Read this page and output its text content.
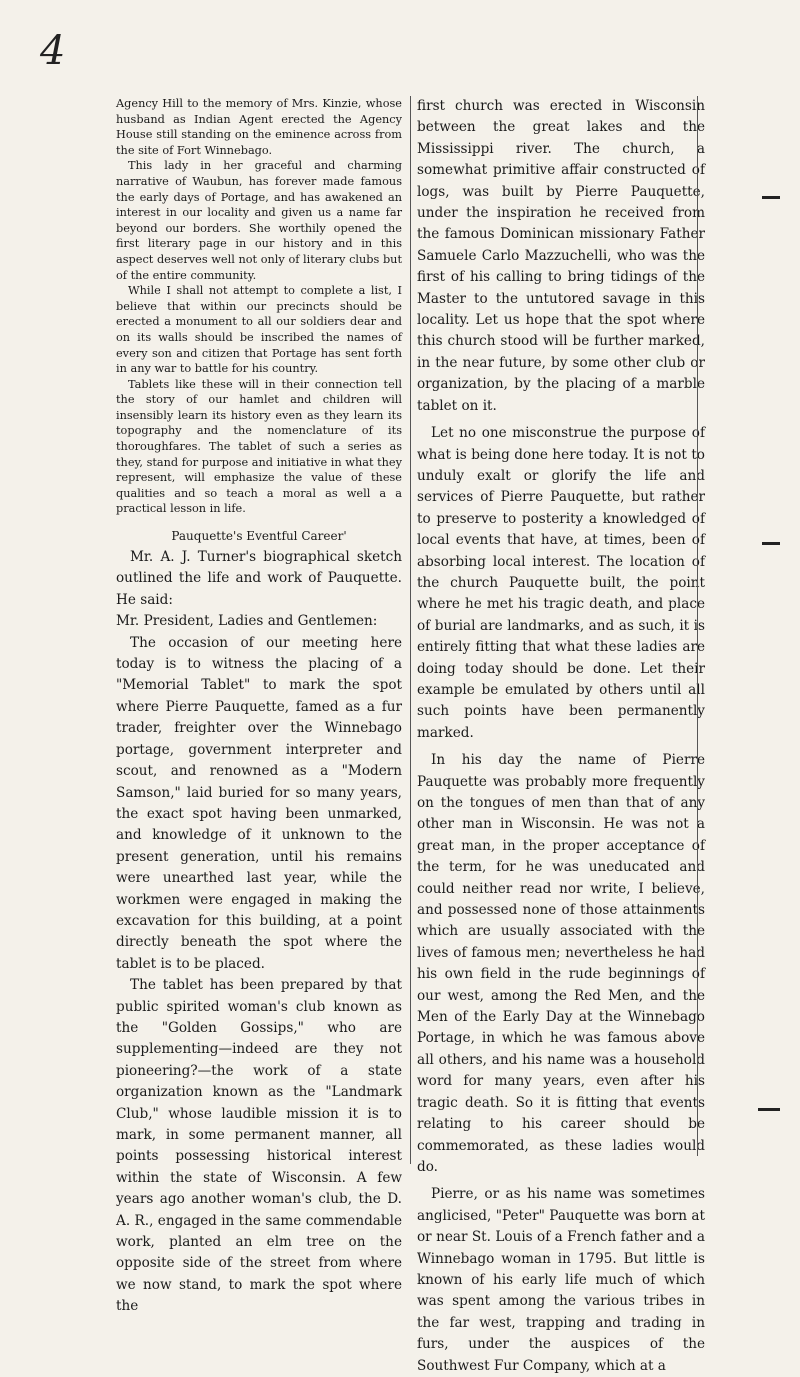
4

Agency Hill to the memory of Mrs. Kinzie, whose husband as Indian Agent erected the Agency House still standing on the eminence across from the site of Fort Winnebago.

This lady in her graceful and charming narrative of Waubun, has forever made famous the early days of Portage, and has awakened an interest in our locality and given us a name far beyond our borders. She worthily opened the first literary page in our history and in this aspect deserves well not only of literary clubs but of the entire community.

While I shall not attempt to complete a list, I believe that within our precincts should be erected a monument to all our soldiers dear and on its walls should be inscribed the names of every son and citizen that Portage has sent forth in any war to battle for his country.

Tablets like these will in their connection tell the story of our hamlet and children will insensibly learn its history even as they learn its topography and the nomenclature of its thoroughfares. The tablet of such a series as they, stand for purpose and initiative in what they represent, will emphasize the value of these qualities and so teach a moral as well a a practical lesson in life.

Pauquette's Eventful Career'

Mr. A. J. Turner's biographical sketch outlined the life and work of Pauquette. He said:

Mr. President, Ladies and Gentlemen:

The occasion of our meeting here today is to witness the placing of a "Memorial Tablet" to mark the spot where Pierre Pauquette, famed as a fur trader, freighter over the Winnebago portage, government interpreter and scout, and renowned as a "Modern Samson," laid buried for so many years, the exact spot having been unmarked, and knowledge of it unknown to the present generation, until his remains were unearthed last year, while the workmen were engaged in making the excavation for this building, at a point directly beneath the spot where the tablet is to be placed.

The tablet has been prepared by that public spirited woman's club known as the "Golden Gossips," who are supplementing—indeed are they not pioneering?—the work of a state organization known as the "Landmark Club," whose laudible mission it is to mark, in some permanent manner, all points possessing historical interest within the state of Wisconsin. A few years ago another woman's club, the D. A. R., engaged in the same commendable work, planted an elm tree on the opposite side of the street from where we now stand, to mark the spot where the

first church was erected in Wisconsin between the great lakes and the Mississippi river. The church, a somewhat primitive affair constructed of logs, was built by Pierre Pauquette, under the inspiration he received from the famous Dominican missionary Father Samuele Carlo Mazzuchelli, who was the first of his calling to bring tidings of the Master to the untutored savage in this locality. Let us hope that the spot where this church stood will be further marked, in the near future, by some other club or organization, by the placing of a marble tablet on it.

Let no one misconstrue the purpose of what is being done here today. It is not to unduly exalt or glorify the life and services of Pierre Pauquette, but rather to preserve to posterity a knowledged of local events that have, at times, been of absorbing local interest. The location of the church Pauquette built, the point where he met his tragic death, and place of burial are landmarks, and as such, it is entirely fitting that what these ladies are doing today should be done. Let their example be emulated by others until all such points have been permanently marked.

In his day the name of Pierre Pauquette was probably more frequently on the tongues of men than that of any other man in Wisconsin. He was not a great man, in the proper acceptance of the term, for he was uneducated and could neither read nor write, I believe, and possessed none of those attainments which are usually associated with the lives of famous men; nevertheless he had his own field in the rude beginnings of our west, among the Red Men, and the Men of the Early Day at the Winnebago Portage, in which he was famous above all others, and his name was a household word for many years, even after his tragic death. So it is fitting that events relating to his career should be commemorated, as these ladies would do.

Pierre, or as his name was sometimes anglicised, "Peter" Pauquette was born at or near St. Louis of a French father and a Winnebago woman in 1795. But little is known of his early life much of which was spent among the various tribes in the far west, trapping and trading in furs, under the auspices of the Southwest Fur Company, which at a
